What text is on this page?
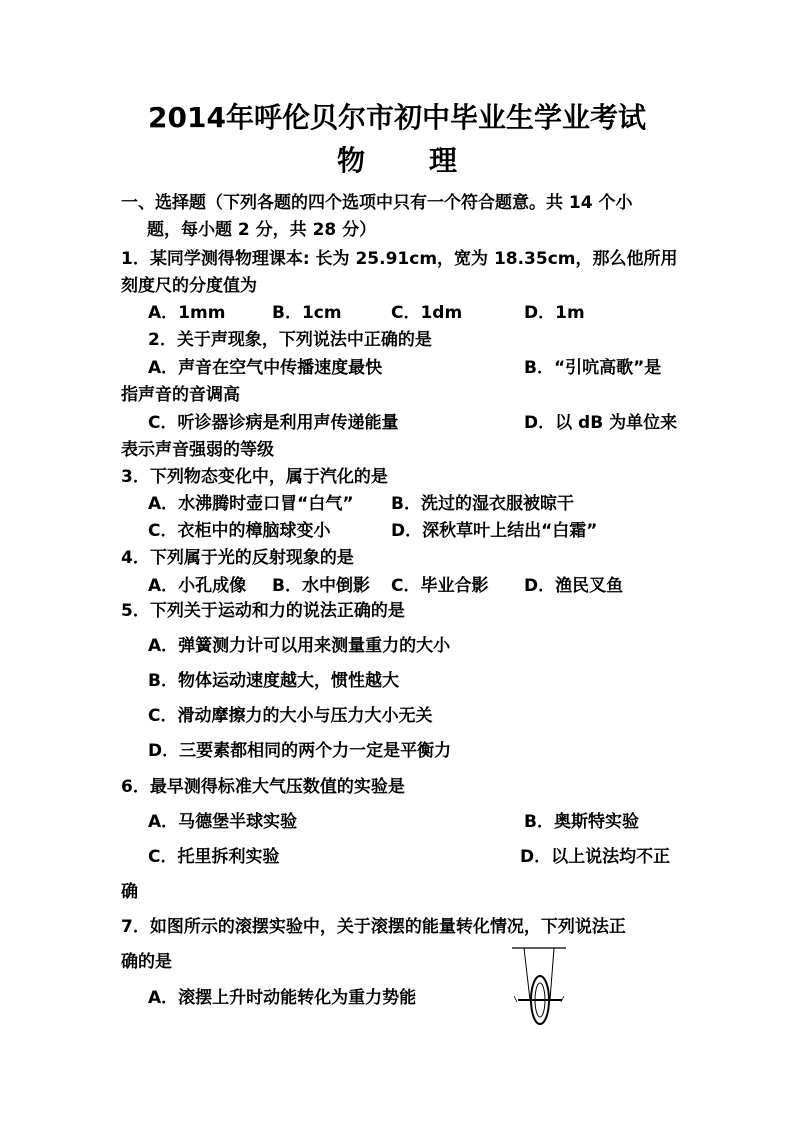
2014年呼伦贝尔市初中毕业生学业考试
物 理
一、选择题（下列各题的四个选项中只有一个符合题意。共 14 个小
题，每小题 2 分，共 28 分）
1．某同学测得物理课本: 长为 25.91cm，宽为 18.35cm，那么他所用
刻度尺的分度值为
A．1mm	B．1cm	C．1dm	D．1m
2．关于声现象，下列说法中正确的是
A．声音在空气中传播速度最快	B．“引吭高歌”是
指声音的音调高
C．听诊器诊病是利用声传递能量	D．以 dB 为单位来
表示声音强弱的等级
3．下列物态变化中，属于汽化的是
A．水沸腾时壶口冒“白气” B．洗过的湿衣服被晾干
C．衣柜中的樟脑球变小	D．深秋草叶上结出“白霜”
4．下列属于光的反射现象的是
A．小孔成像 B．水中倒影 C．毕业合影 D．渔民叉鱼
5．下列关于运动和力的说法正确的是
A．弹簧测力计可以用来测量重力的大小
B．物体运动速度越大，惯性越大
C．滑动摩擦力的大小与压力大小无关
D．三要素都相同的两个力一定是平衡力
6．最早测得标准大气压数值的实验是
A．马德堡半球实验	B．奥斯特实验
C．托里拆利实验	D．以上说法均不正
确
7．如图所示的滚摆实验中，关于滚摆的能量转化情况，下列说法正
确的是
A．滚摆上升时动能转化为重力势能
